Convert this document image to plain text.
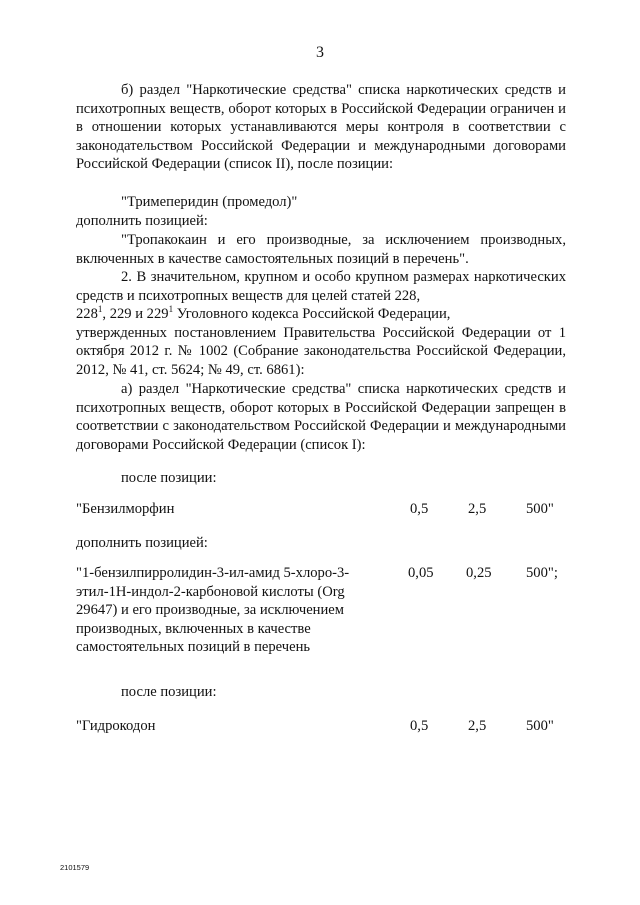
3

б) раздел "Наркотические средства" списка наркотических средств и психотропных веществ, оборот которых в Российской Федерации ограничен и в отношении которых устанавливаются меры контроля в соответствии с законодательством Российской Федерации и международными договорами Российской Федерации (список II), после позиции:

"Тримеперидин (промедол)"

дополнить позицией:

"Тропакокаин и его производные, за исключением производных, включенных в качестве самостоятельных позиций в перечень".

2. В значительном, крупном и особо крупном размерах наркотических средств и психотропных веществ для целей статей 228,

$228^1$, 229 и $229^1$ Уголовного кодекса Российской Федерации,

утвержденных постановлением Правительства Российской Федерации от 1 октября 2012 г. № 1002 (Собрание законодательства Российской Федерации, 2012, № 41, ст. 5624; № 49, ст. 6861):

а) раздел "Наркотические средства" списка наркотических средств и психотропных веществ, оборот которых в Российской Федерации запрещен в соответствии с законодательством Российской Федерации и международными договорами Российской Федерации (список I):

после позиции:
"Бензилморфин	0,5	2,5	500"
дополнить позицией:
"1-бензилпирролидин-3-ил-амид 5-хлоро-3-этил-1Н-индол-2-карбоновой кислоты (Org 29647) и его производные, за исключением производных, включенных в качестве самостоятельных позиций в перечень
0,05 0,25 500";
после позиции:
"Гидрокодон	0,5	2,5	500"
2101579
